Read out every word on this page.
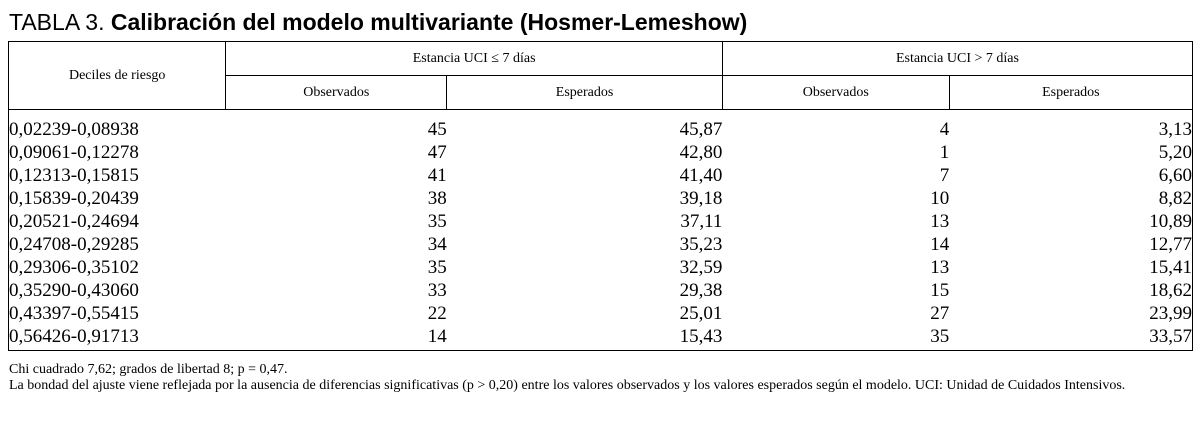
TABLA 3. Calibración del modelo multivariante (Hosmer-Lemeshow)
Deciles de riesgo	Estancia UCI ≤ 7 días		Estancia UCI > 7 días	
	Observados	Esperados	Observados	Esperados

0,02239-0,08938	45	45,87	4	3,13
0,09061-0,12278	47	42,80	1	5,20
0,12313-0,15815	41	41,40	7	6,60
0,15839-0,20439	38	39,18	10	8,82
0,20521-0,24694	35	37,11	13	10,89
0,24708-0,29285	34	35,23	14	12,77
0,29306-0,35102	35	32,59	13	15,41
0,35290-0,43060	33	29,38	15	18,62
0,43397-0,55415	22	25,01	27	23,99
0,56426-0,91713	14	15,43	35	33,57
Chi cuadrado 7,62; grados de libertad 8; p = 0,47.
La bondad del ajuste viene reflejada por la ausencia de diferencias significativas (p > 0,20) entre los valores observados y los valores esperados según el modelo. UCI: Unidad de Cuidados Intensivos.
